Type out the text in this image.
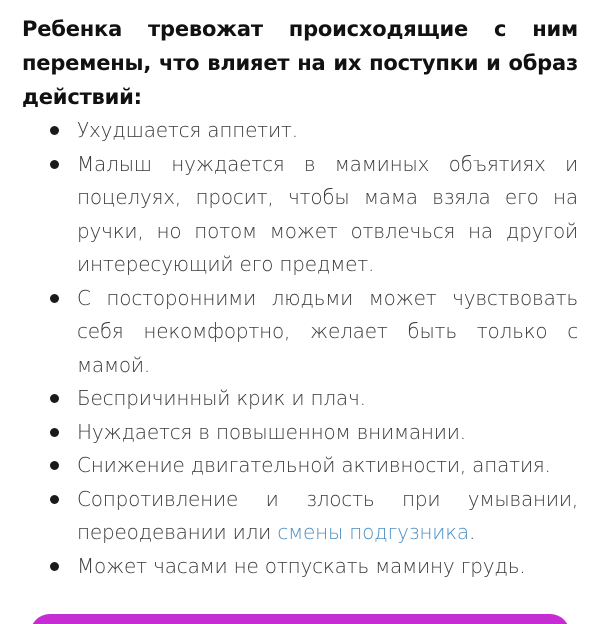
Ребенка тревожат происходящие с ним перемены, что влияет на их поступки и образ действий:

Ухудшается аппетит.
Малыш нуждается в маминых объятиях и поцелуях, просит, чтобы мама взяла его на ручки, но потом может отвлечься на другой интересующий его предмет.
С посторонними людьми может чувствовать себя некомфортно, желает быть только с мамой.
Беспричинный крик и плач.
Нуждается в повышенном внимании.
Снижение двигательной активности, апатия.
Сопротивление и злость при умывании, переодевании или смены подгузника.
Может часами не отпускать мамину грудь.
